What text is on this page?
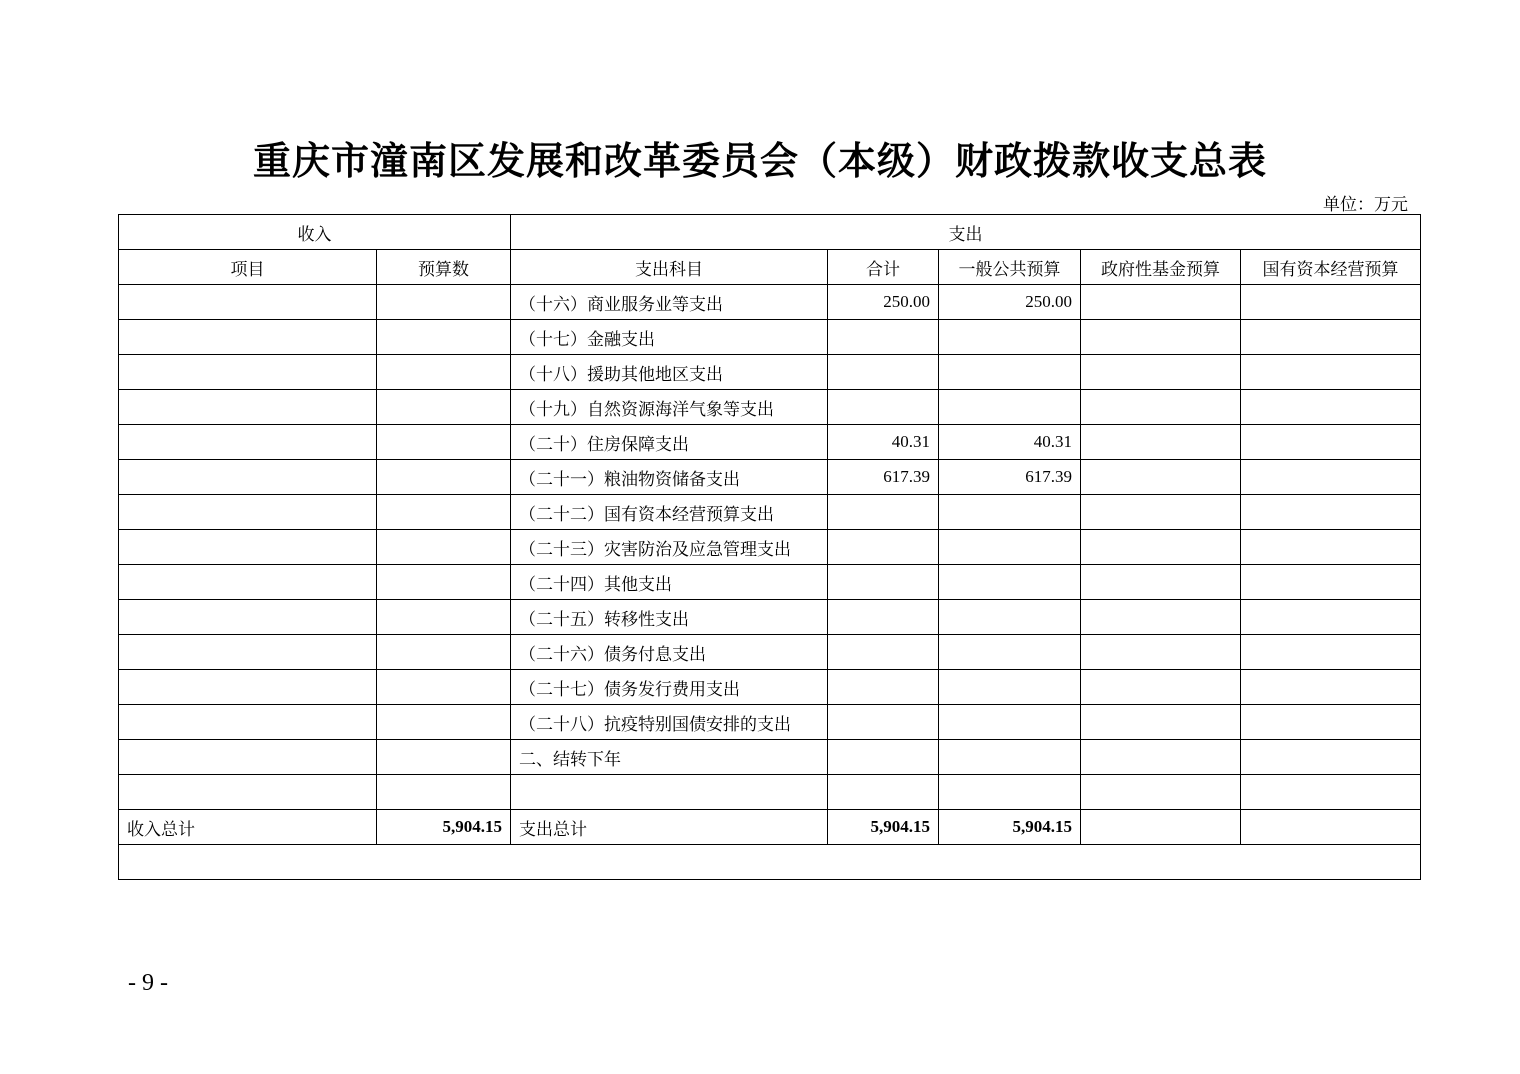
重庆市潼南区发展和改革委员会（本级）财政拨款收支总表
单位：万元
收入		支出				
项目	预算数	支出科目	合计	一般公共预算	政府性基金预算	国有资本经营预算
		（十六）商业服务业等支出	250.00	250.00		
		（十七）金融支出				
		（十八）援助其他地区支出				
		（十九）自然资源海洋气象等支出				
		（二十）住房保障支出	40.31	40.31		
		（二十一）粮油物资储备支出	617.39	617.39		
		（二十二）国有资本经营预算支出				
		（二十三）灾害防治及应急管理支出				
		（二十四）其他支出				
		（二十五）转移性支出				
		（二十六）债务付息支出				
		（二十七）债务发行费用支出				
		（二十八）抗疫特别国债安排的支出				
		二、结转下年				

收入总计	5,904.15	支出总计	5,904.15	5,904.15		

- 9 -
